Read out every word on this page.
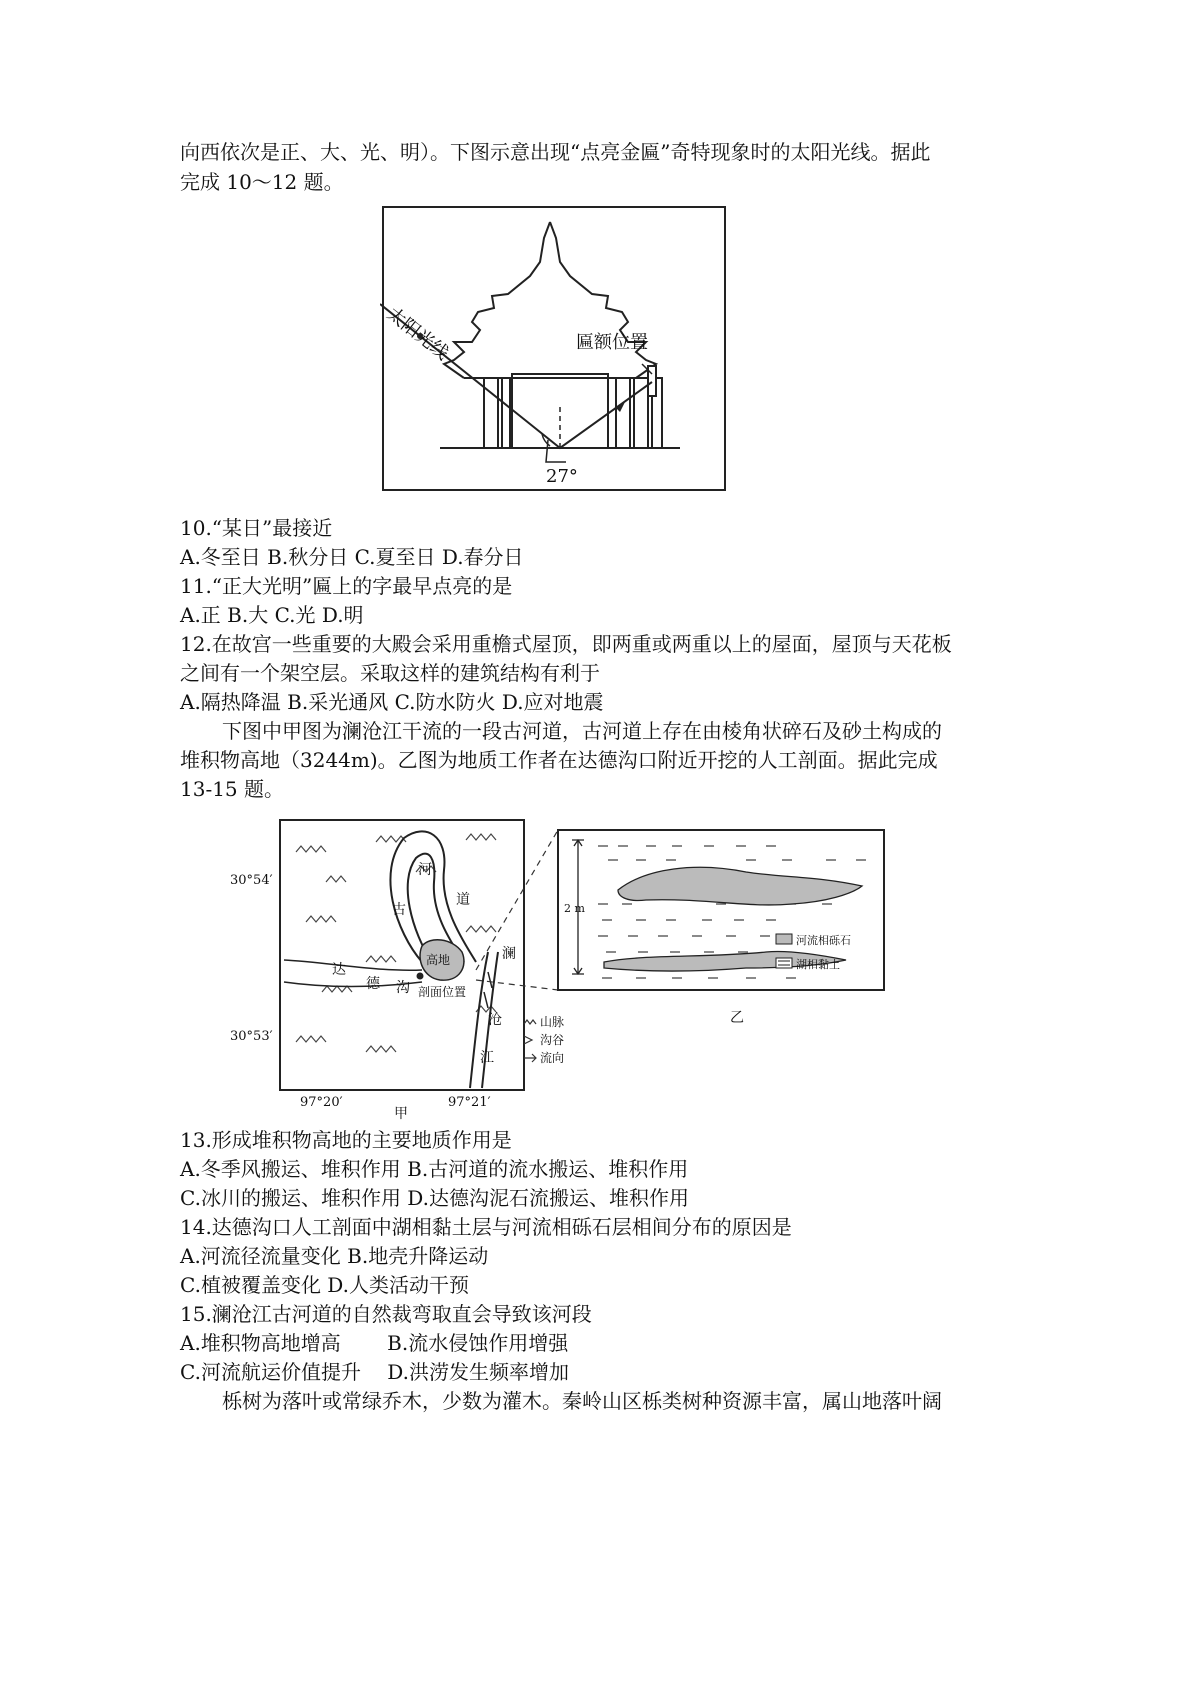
向西依次是正、大、光、明）。下图示意出现“点亮金匾”奇特现象时的太阳光线。据此
完成 10～12 题。
太阳光线	匾额位置
27°
10.“某日”最接近
A.冬至日 B.秋分日 C.夏至日 D.春分日
11.“正大光明”匾上的字最早点亮的是
A.正 B.大 C.光 D.明
12.在故宫一些重要的大殿会采用重檐式屋顶，即两重或两重以上的屋面，屋顶与天花板
之间有一个架空层。采取这样的建筑结构有利于
A.隔热降温 B.采光通风 C.防水防火 D.应对地震
下图中甲图为澜沧江干流的一段古河道，古河道上存在由棱角状碎石及砂土构成的
堆积物高地（3244m)。乙图为地质工作者在达德沟口附近开挖的人工剖面。据此完成
13-15 题。
30°54′
30°53′
97°20′	97°21′
河
道
古
澜
沧
江
达
德 沟
高地
剖面位置
山脉
沟谷
流向
甲
2 m
河流相砾石
湖相黏土
乙
13.形成堆积物高地的主要地质作用是
A.冬季风搬运、堆积作用 B.古河道的流水搬运、堆积作用
C.冰川的搬运、堆积作用 D.达德沟泥石流搬运、堆积作用
14.达德沟口人工剖面中湖相黏土层与河流相砾石层相间分布的原因是
A.河流径流量变化 B.地壳升降运动
C.植被覆盖变化 D.人类活动干预
15.澜沧江古河道的自然裁弯取直会导致该河段
A.堆积物高地增高　　 B.流水侵蚀作用增强
C.河流航运价值提升　 D.洪涝发生频率增加
栎树为落叶或常绿乔木，少数为灌木。秦岭山区栎类树种资源丰富，属山地落叶阔
